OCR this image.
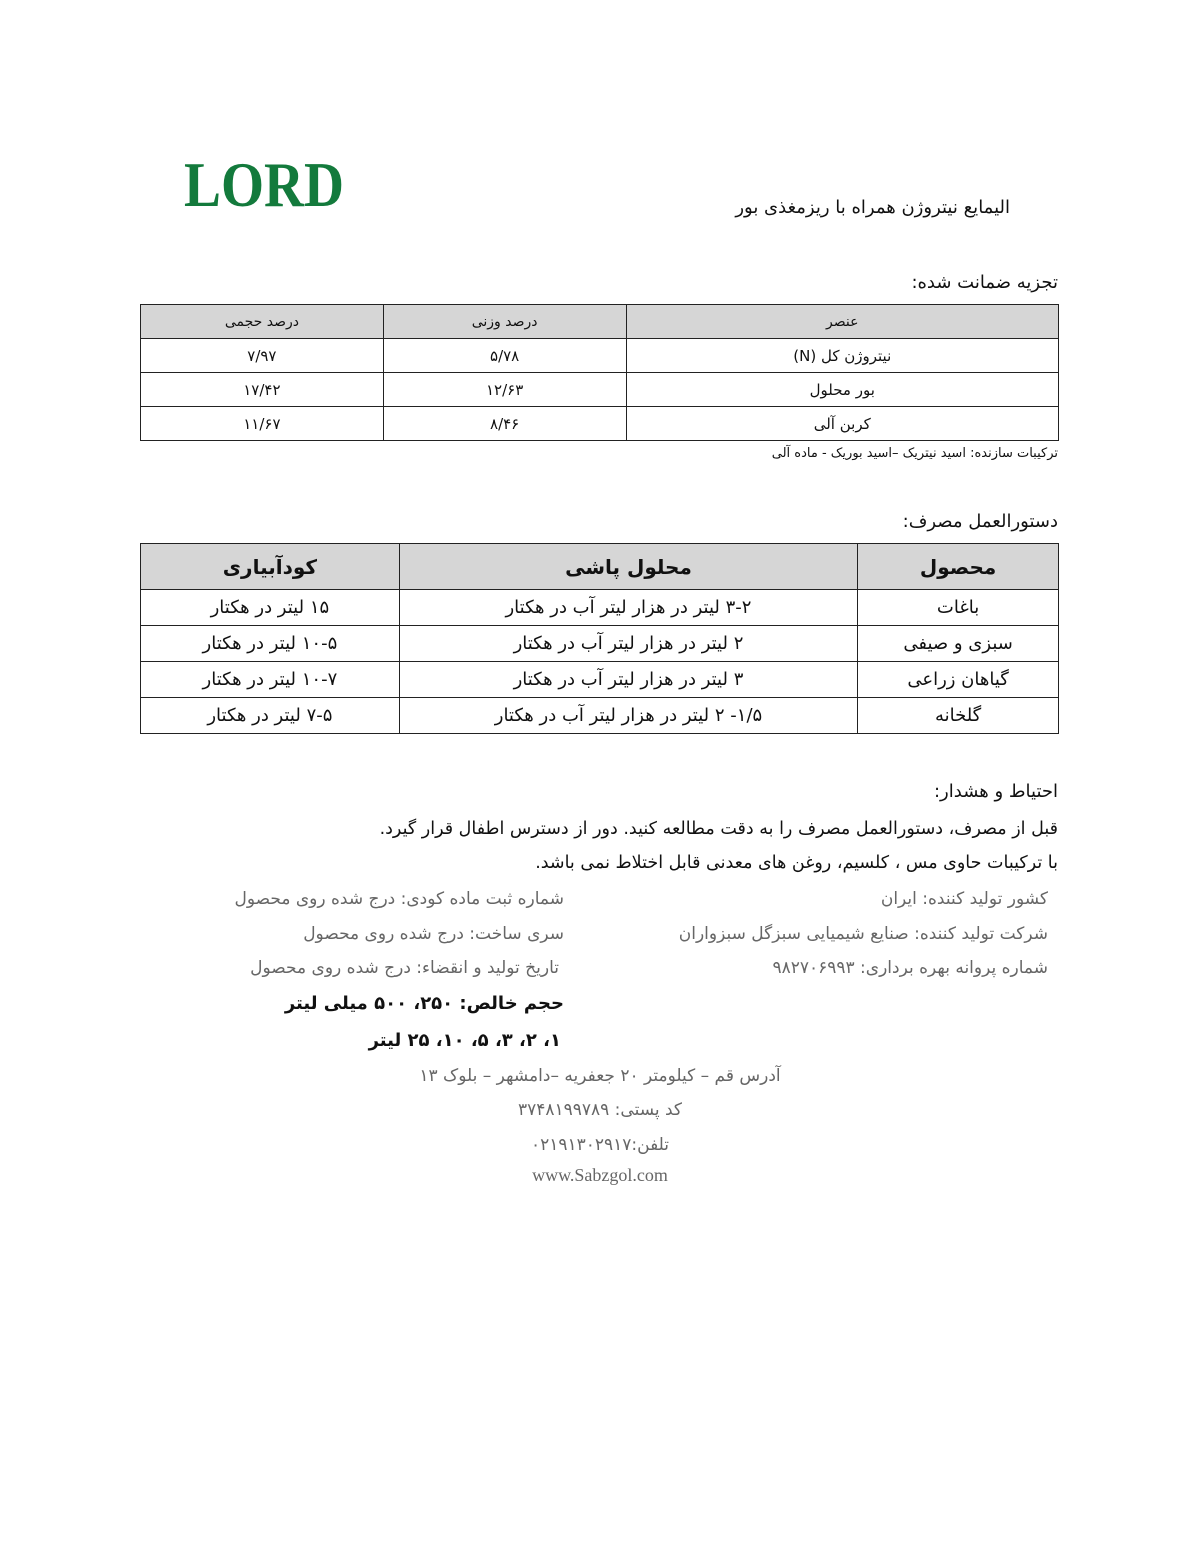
LORD	الیمایع نیتروژن همراه با ریزمغذی بور
تجزیه ضمانت شده:
عنصر	درصد وزنی	درصد حجمی
نیتروژن کل (N)	۵/۷۸	۷/۹۷
بور محلول	۱۲/۶۳	۱۷/۴۲
کربن آلی	۸/۴۶	۱۱/۶۷
ترکیبات سازنده: اسید نیتریک –اسید بوریک - ماده آلی
دستورالعمل مصرف:
محصول	محلول پاشی	کودآبیاری
باغات	۳-۲ لیتر در هزار لیتر آب در هکتار	۱۵ لیتر در هکتار
سبزی و صیفی	۲ لیتر در هزار لیتر آب در هکتار	۱۰-۵ لیتر در هکتار
گیاهان زراعی	۳ لیتر در هزار لیتر آب در هکتار	۱۰-۷ لیتر در هکتار
گلخانه	۱/۵- ۲ لیتر در هزار لیتر آب در هکتار	۷-۵ لیتر در هکتار
احتیاط و هشدار:
قبل از مصرف، دستورالعمل مصرف را به دقت مطالعه کنید. دور از دسترس اطفال قرار گیرد.
با ترکیبات حاوی مس ، کلسیم، روغن های معدنی قابل اختلاط نمی باشد.
کشور تولید کننده: ایران
شرکت تولید کننده: صنایع شیمیایی سبزگل سبزواران
شماره پروانه بهره برداری: ۹۸۲۷۰۶۹۹۳
شماره ثبت ماده کودی: درج شده روی محصول
سری ساخت: درج شده روی محصول
تاریخ تولید و انقضاء: درج شده روی محصول
حجم خالص: ۲۵۰، ۵۰۰ میلی لیتر
۱، ۲، ۳، ۵، ۱۰، ۲۵ لیتر
آدرس قم – کیلومتر ۲۰ جعفریه –دامشهر – بلوک ۱۳
کد پستی: ۳۷۴۸۱۹۹۷۸۹
تلفن:۰۲۱۹۱۳۰۲۹۱۷
www.Sabzgol.com
